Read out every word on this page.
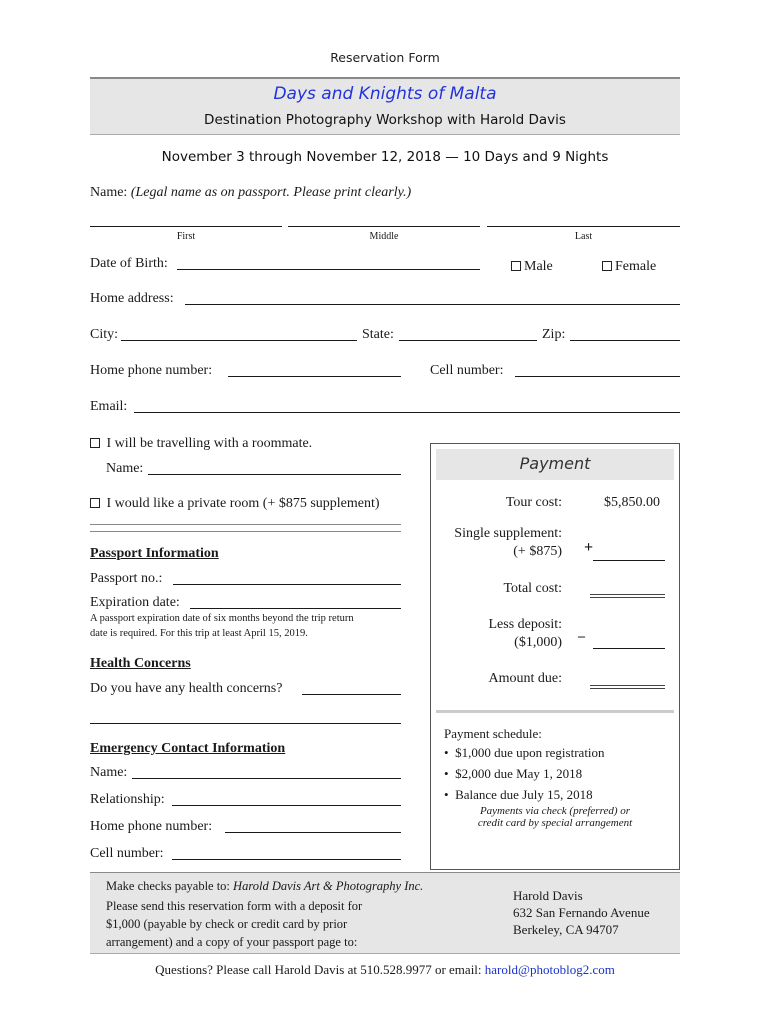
Reservation Form
Days and Knights of Malta
Destination Photography Workshop with Harold Davis
November 3 through November 12, 2018 — 10 Days and 9 Nights
Name: (Legal name as on passport. Please print clearly.)
First	Middle	Last
Date of Birth:	Male	Female
Home address:
City:	State:	Zip:
Home phone number:	Cell number:
Email:
I will be travelling with a roommate.
Name:
I would like a private room (+ $875 supplement)
Passport Information
Passport no.:
Expiration date:
A passport expiration date of six months beyond the trip return
date is required. For this trip at least April 15, 2019.
Health Concerns
Do you have any health concerns?
Emergency Contact Information
Name:
Relationship:
Home phone number:
Cell number:
Payment
Tour cost:	$5,850.00
Single supplement:
(+ $875) +
Total cost:
Less deposit:
($1,000) –
Amount due:
Payment schedule:
•  $1,000 due upon registration
•  $2,000 due May 1, 2018
•  Balance due July 15, 2018
Payments via check (preferred) or
credit card by special arrangement
Make checks payable to: Harold Davis Art & Photography Inc.
Please send this reservation form with a deposit for
$1,000 (payable by check or credit card by prior
arrangement) and a copy of your passport page to:
Harold Davis
632 San Fernando Avenue
Berkeley, CA 94707
Questions? Please call Harold Davis at 510.528.9977 or email: harold@photoblog2.com
